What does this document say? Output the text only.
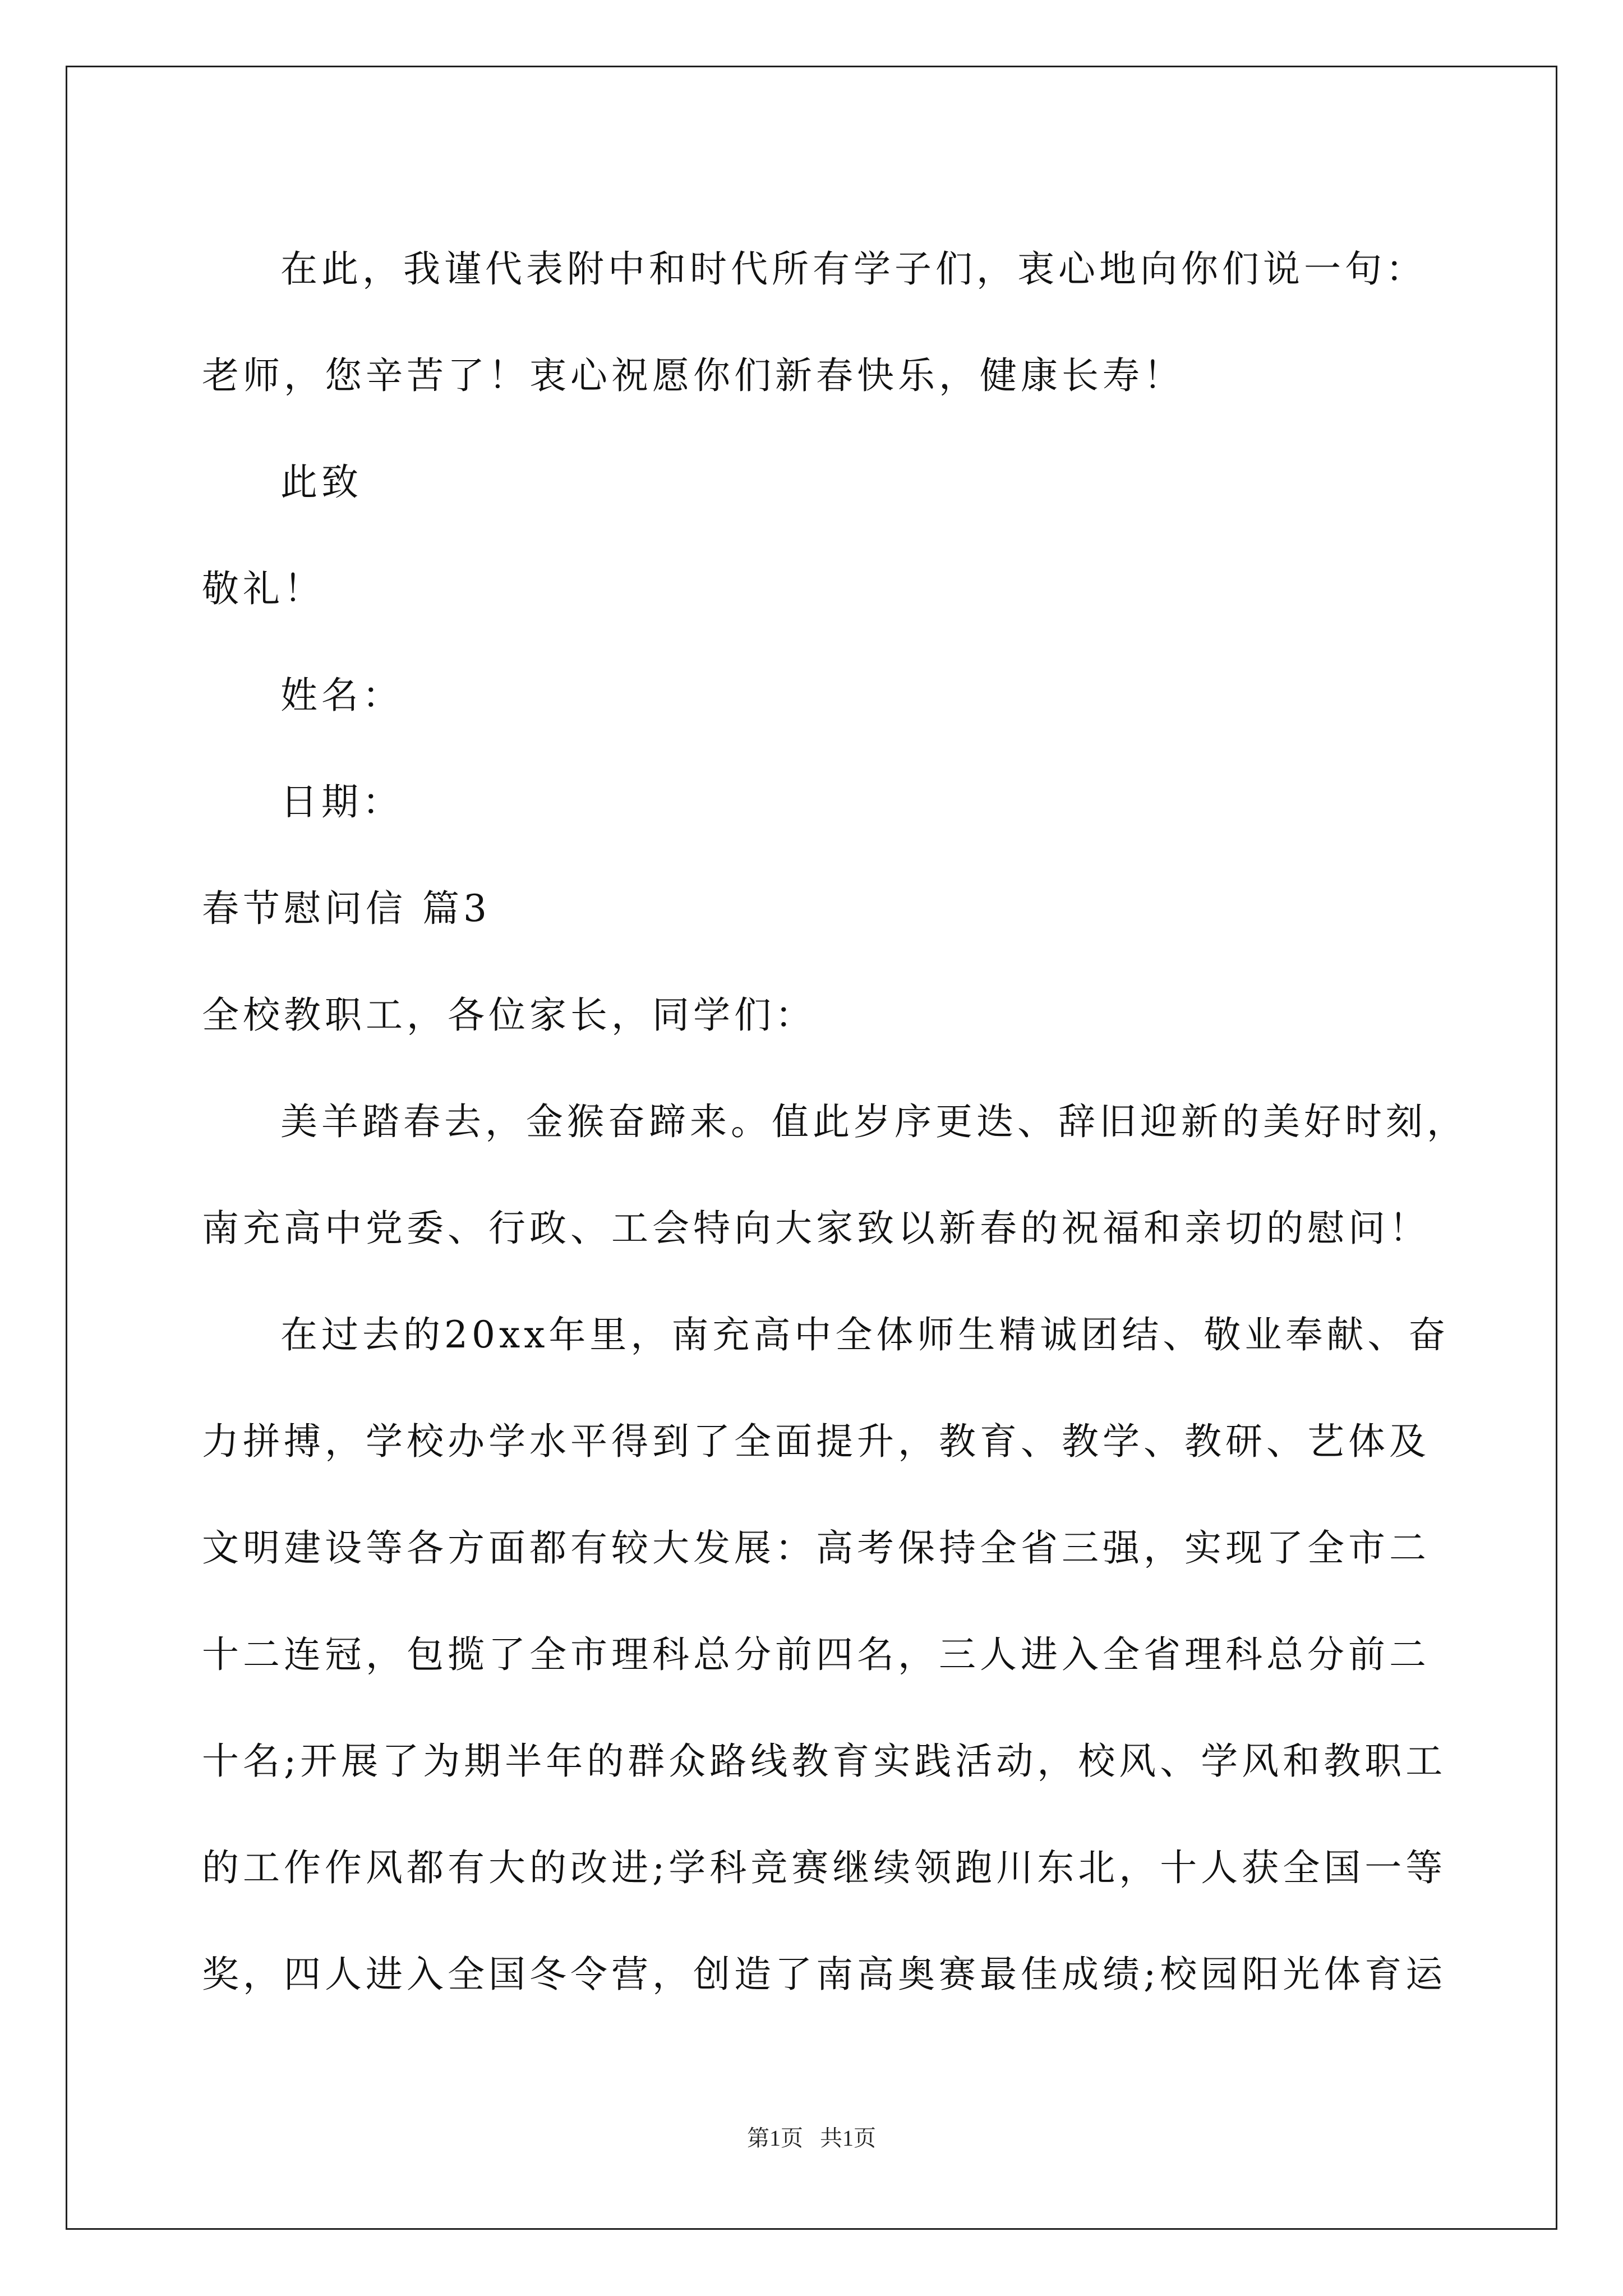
在此，我谨代表附中和时代所有学子们，衷心地向你们说一句：
老师，您辛苦了！衷心祝愿你们新春快乐，健康长寿！
此致
敬礼！
姓名：
日期：
春节慰问信 篇3
全校教职工，各位家长，同学们：
美羊踏春去，金猴奋蹄来。值此岁序更迭、辞旧迎新的美好时刻，
南充高中党委、行政、工会特向大家致以新春的祝福和亲切的慰问！
在过去的20xx年里，南充高中全体师生精诚团结、敬业奉献、奋
力拼搏，学校办学水平得到了全面提升，教育、教学、教研、艺体及
文明建设等各方面都有较大发展：高考保持全省三强，实现了全市二
十二连冠，包揽了全市理科总分前四名，三人进入全省理科总分前二
十名;开展了为期半年的群众路线教育实践活动，校风、学风和教职工
的工作作风都有大的改进;学科竞赛继续领跑川东北，十人获全国一等
奖，四人进入全国冬令营，创造了南高奥赛最佳成绩;校园阳光体育运
第1页   共1页
